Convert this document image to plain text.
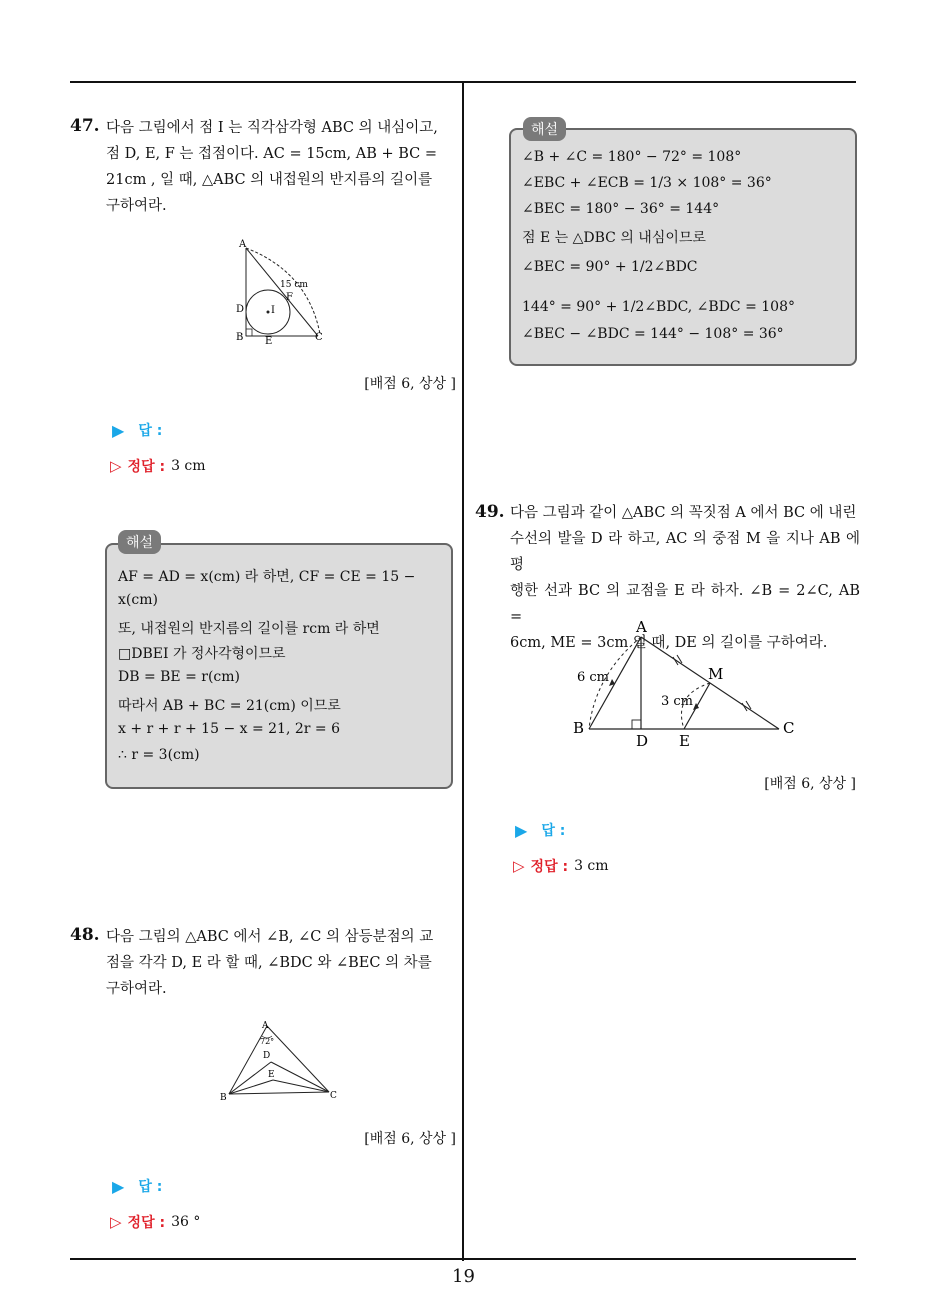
47. 다음 그림에서 점 I 는 직각삼각형 ABC 의 내심이고,
점 D, E, F 는 접점이다. AC = 15cm, AB + BC =
21cm , 일 때, △ABC 의 내접원의 반지름의 길이를
구하여라.
A
B	C
D
E
F
I
15 cm
[배점 6, 상상 ]
▶ 답 :
▷ 정답 : 3 cm
해설
AF = AD = x(cm) 라 하면, CF = CE = 15 −
x(cm)
또, 내접원의 반지름의 길이를 rcm 라 하면
□DBEI 가 정사각형이므로
DB = BE = r(cm)
따라서 AB + BC = 21(cm) 이므로
x + r + r + 15 − x = 21, 2r = 6
∴ r = 3(cm)
48. 다음 그림의 △ABC 에서 ∠B, ∠C 의 삼등분점의 교
점을 각각 D, E 라 할 때, ∠BDC 와 ∠BEC 의 차를
구하여라.
A
72°
D
E
B	C
[배점 6, 상상 ]
▶ 답 :
▷ 정답 : 36 °
해설
∠B + ∠C = 180° − 72° = 108°
∠EBC + ∠ECB = 1/3 × 108° = 36°
∠BEC = 180° − 36° = 144°
점 E 는 △DBC 의 내심이므로
∠BEC = 90° + 1/2∠BDC
144° = 90° + 1/2∠BDC, ∠BDC = 108°
∠BEC − ∠BDC = 144° − 108° = 36°
49. 다음 그림과 같이 △ABC 의 꼭짓점 A 에서 BC 에 내린
수선의 발을 D 라 하고, AC 의 중점 M 을 지나 AB 에 평
행한 선과 BC 의 교점을 E 라 하자. ∠B = 2∠C, AB =
6cm, ME = 3cm 일 때, DE 의 길이를 구하여라.
A
B	C
D E
M
6 cm
3 cm
[배점 6, 상상 ]
▶ 답 :
▷ 정답 : 3 cm
19
